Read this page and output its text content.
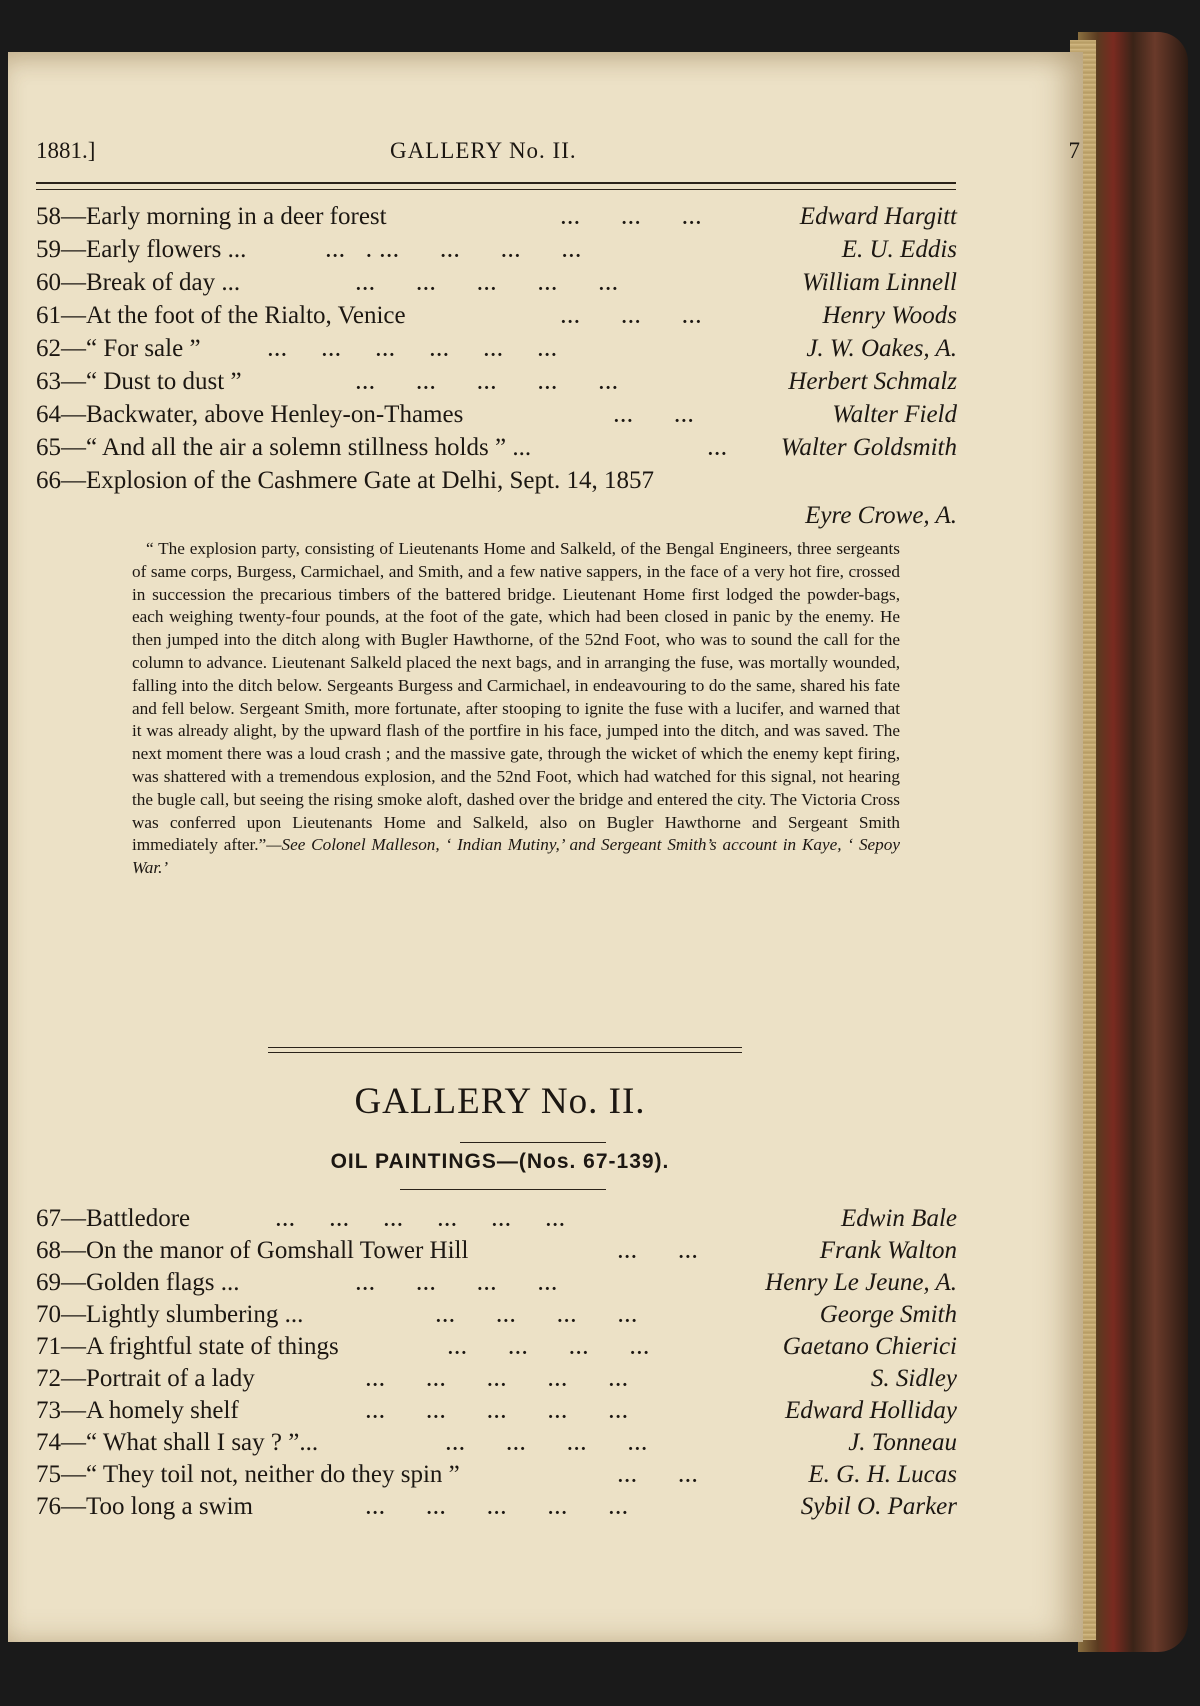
1881.]	GALLERY No. II.	7
58—Early morning in a deer forest	...      ...      ...	Edward Hargitt
59—Early flowers ...	...   . ...      ...      ...      ...	E. U. Eddis
60—Break of day ...	...      ...      ...      ...      ...	William Linnell
61—At the foot of the Rialto, Venice	...      ...      ...	Henry Woods
62—“ For sale ”	...     ...     ...     ...     ...     ...	J. W. Oakes, A.
63—“ Dust to dust ”	...      ...      ...      ...      ...	Herbert Schmalz
64—Backwater, above Henley-on-Thames	...      ...	Walter Field
65—“ And all the air a solemn stillness holds ” ...	... Walter Goldsmith
66—Explosion of the Cashmere Gate at Delhi, Sept. 14, 1857
Eyre Crowe, A.

“ The explosion party, consisting of Lieutenants Home and Salkeld, of the Bengal Engineers, three sergeants of same corps, Burgess, Carmichael, and Smith, and a few native sappers, in the face of a very hot fire, crossed in succession the precarious timbers of the battered bridge. Lieutenant Home first lodged the powder-bags, each weighing twenty-four pounds, at the foot of the gate, which had been closed in panic by the enemy. He then jumped into the ditch along with Bugler Hawthorne, of the 52nd Foot, who was to sound the call for the column to advance. Lieutenant Salkeld placed the next bags, and in arranging the fuse, was mortally wounded, falling into the ditch below. Sergeants Burgess and Carmichael, in endeavouring to do the same, shared his fate and fell below. Sergeant Smith, more fortunate, after stooping to ignite the fuse with a lucifer, and warned that it was already alight, by the upward flash of the portfire in his face, jumped into the ditch, and was saved. The next moment there was a loud crash ; and the massive gate, through the wicket of which the enemy kept firing, was shattered with a tremendous explosion, and the 52nd Foot, which had watched for this signal, not hearing the bugle call, but seeing the rising smoke aloft, dashed over the bridge and entered the city. The Victoria Cross was conferred upon Lieutenants Home and Salkeld, also on Bugler Hawthorne and Sergeant Smith immediately after.”—See Colonel Malleson, ‘ Indian Mutiny,’ and Sergeant Smith’s account in Kaye, ‘ Sepoy War.’

GALLERY No. II.
OIL PAINTINGS—(Nos. 67-139).
67—Battledore	...     ...     ...     ...     ...     ...	Edwin Bale
68—On the manor of Gomshall Tower Hill	...      ...	Frank Walton
69—Golden flags ...	...      ...      ...      ...	Henry Le Jeune, A.
70—Lightly slumbering ...	...      ...      ...      ...	George Smith
71—A frightful state of things	...      ...      ...      ...	Gaetano Chierici
72—Portrait of a lady	...      ...      ...      ...      ...	S. Sidley
73—A homely shelf	...      ...      ...      ...      ...	Edward Holliday
74—“ What shall I say ? ”...	...      ...      ...      ...	J. Tonneau
75—“ They toil not, neither do they spin ”	...      ...	E. G. H. Lucas
76—Too long a swim	...      ...      ...      ...      ...	Sybil O. Parker
